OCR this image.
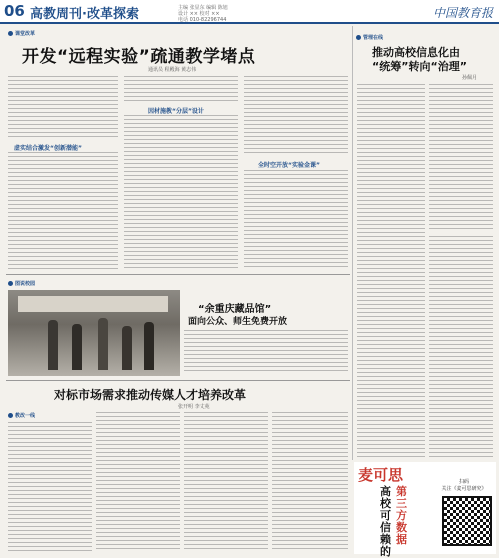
06 高教周刊·改革探索	主编 张显东 编辑 陈旭
设计 ×× 校对 ××
电话 010-82296744	中国教育报
课堂改革
开发“远程实验”疏通教学堵点
通讯员 程殿海 黄志伟
虚实结合激发“创新潜能”
因材施教“分层”设计
全时空开放“实验金课”
管理在线
推动高校信息化由
“统筹”转向“治理”
孙佩月
图说校园
“余重庆藏品馆”
面向公众、师生免费开放
对标市场需求推动传媒人才培养改革
张开明 李丈苑
教改一线
麦可思
第三方数据
高校可信赖的
扫码
关注《麦可思研究》
